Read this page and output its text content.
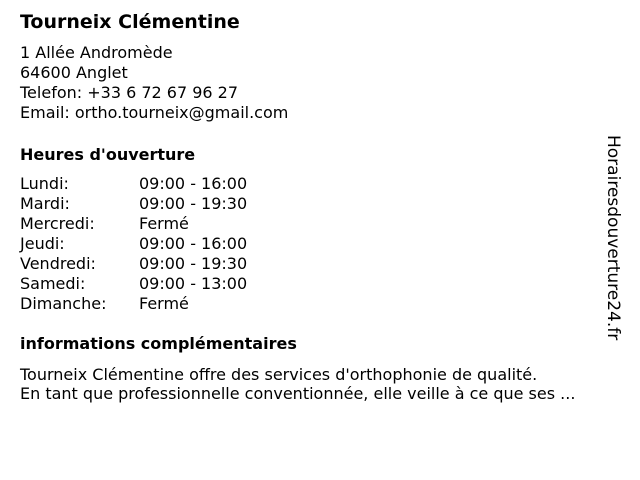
Tourneix Clémentine
1 Allée Andromède
64600 Anglet
Telefon: +33 6 72 67 96 27
Email: ortho.tourneix@gmail.com
Heures d'ouverture
Lundi:	09:00 - 16:00
Mardi:	09:00 - 19:30
Mercredi:	Fermé
Jeudi:	09:00 - 16:00
Vendredi:	09:00 - 19:30
Samedi:	09:00 - 13:00
Dimanche: Fermé
informations complémentaires
Tourneix Clémentine offre des services d'orthophonie de qualité.
En tant que professionnelle conventionnée, elle veille à ce que ses ...
Horairesdouverture24.fr
